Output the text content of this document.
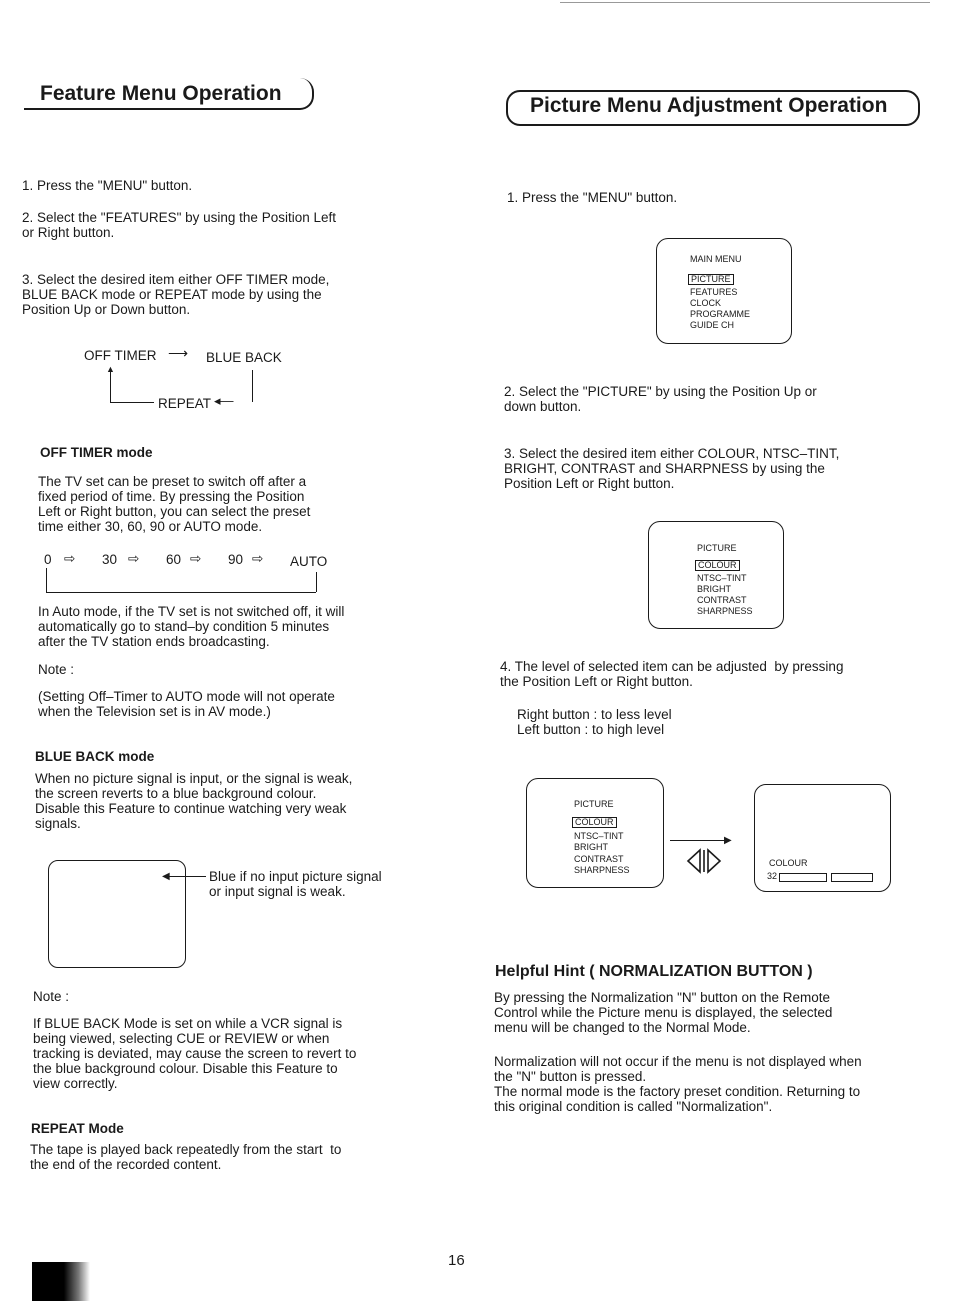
Feature Menu Operation
1. Press the "MENU" button.
2. Select the "FEATURES" by using the Position Left
or Right button.
3. Select the desired item either OFF TIMER mode,
BLUE BACK mode or REPEAT mode by using the
Position Up or Down button.
OFF TIMER ⟶ BLUE BACK
REPEAT ◂—
▲
OFF TIMER mode
The TV set can be preset to switch off after a
fixed period of time. By pressing the Position
Left or Right button, you can select the preset
time either 30, 60, 90 or AUTO mode.
0 ⇨ 30 ⇨ 60 ⇨ 90 ⇨ AUTO
In Auto mode, if the TV set is not switched off, it will
automatically go to stand–by condition 5 minutes
after the TV station ends broadcasting.
Note :
(Setting Off–Timer to AUTO mode will not operate
when the Television set is in AV mode.)
BLUE BACK mode
When no picture signal is input, or the signal is weak,
the screen reverts to a blue background colour.
Disable this Feature to continue watching very weak
signals.
◀	Blue if no input picture signal
or input signal is weak.
Note :
If BLUE BACK Mode is set on while a VCR signal is
being viewed, selecting CUE or REVIEW or when
tracking is deviated, may cause the screen to revert to
the blue background colour. Disable this Feature to
view correctly.
REPEAT Mode
The tape is played back repeatedly from the start  to
the end of the recorded content.
Picture Menu Adjustment Operation
1. Press the "MENU" button.
MAIN MENU
PICTURE
FEATURES
CLOCK
PROGRAMME
GUIDE CH
2. Select the "PICTURE" by using the Position Up or
down button.
3. Select the desired item either COLOUR, NTSC–TINT,
BRIGHT, CONTRAST and SHARPNESS by using the
Position Left or Right button.
PICTURE
COLOUR
NTSC–TINT
BRIGHT
CONTRAST
SHARPNESS
4. The level of selected item can be adjusted  by pressing
the Position Left or Right button.
Right button : to less level
Left button : to high level
PICTURE
COLOUR
NTSC–TINT
BRIGHT
CONTRAST
SHARPNESS
▶
COLOUR
32
Helpful Hint ( NORMALIZATION BUTTON )
By pressing the Normalization "N" button on the Remote
Control while the Picture menu is displayed, the selected
menu will be changed to the Normal Mode.
Normalization will not occur if the menu is not displayed when
the "N" button is pressed.
The normal mode is the factory preset condition. Returning to
this original condition is called "Normalization".
16
